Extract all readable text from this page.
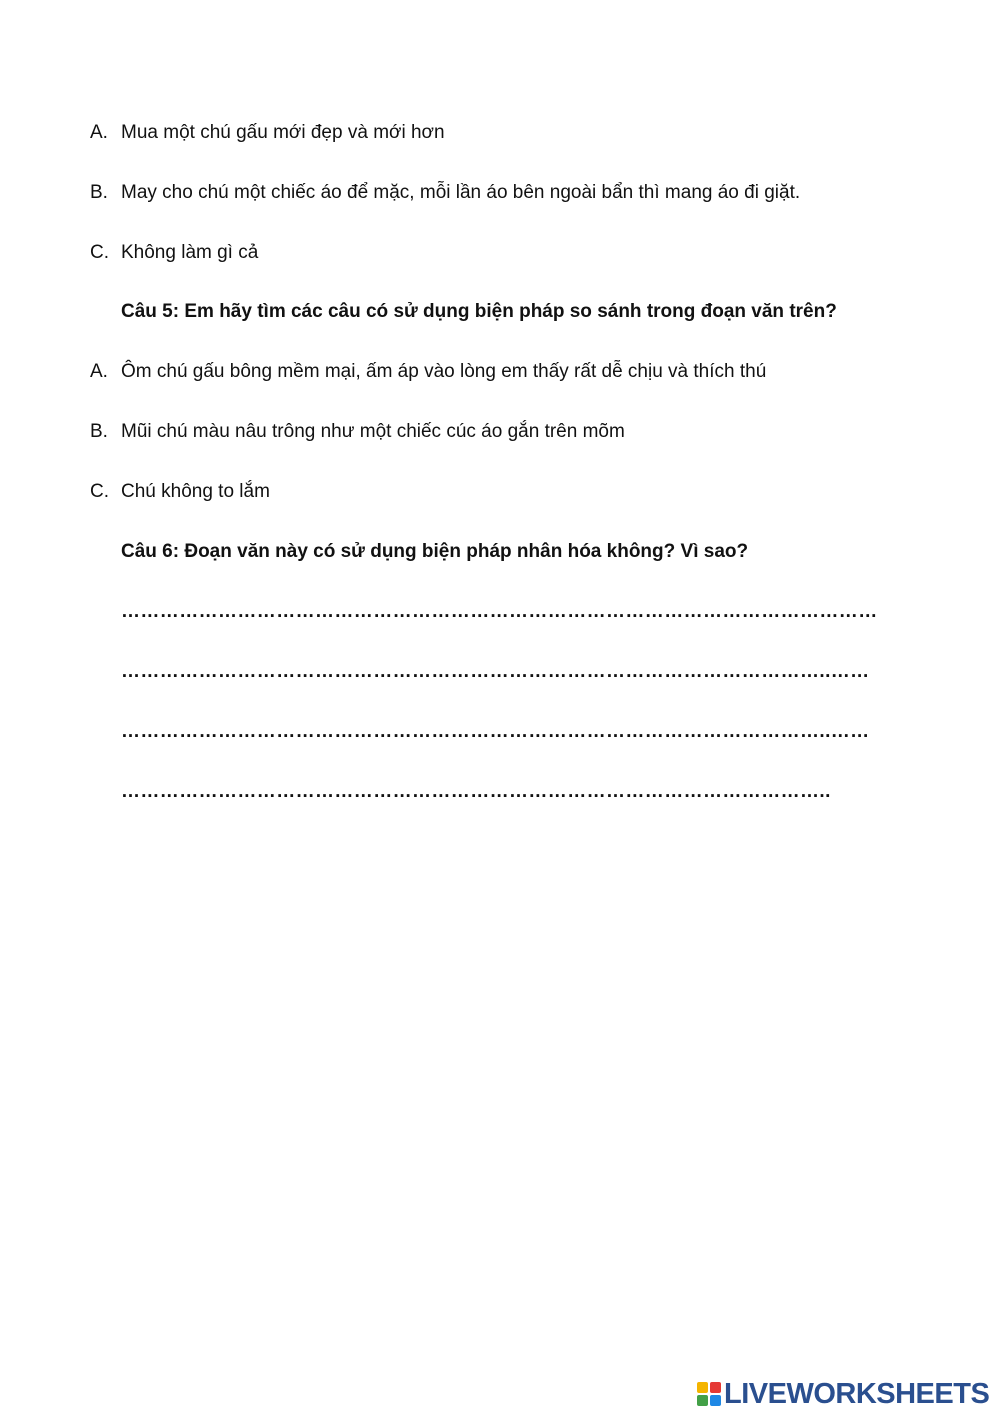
A. Mua một chú gấu mới đẹp và mới hơn
B. May cho chú một chiếc áo để mặc, mỗi lần áo bên ngoài bẩn thì mang áo đi giặt.
C. Không làm gì cả
Câu 5: Em hãy tìm các câu có sử dụng biện pháp so sánh trong đoạn văn trên?
A. Ôm chú gấu bông mềm mại, ấm áp vào lòng em thấy rất dễ chịu và thích thú
B. Mũi chú màu nâu trông như một chiếc cúc áo gắn trên mõm
C. Chú không to lắm
Câu 6: Đoạn văn này có sử dụng biện pháp nhân hóa không? Vì sao?
………………………………………………………………………………………………………
………………………………………………………………………………………………..……
………………………………………………………………………………………………..……
………………………………………………………………………………………………..
LIVEWORKSHEETS
